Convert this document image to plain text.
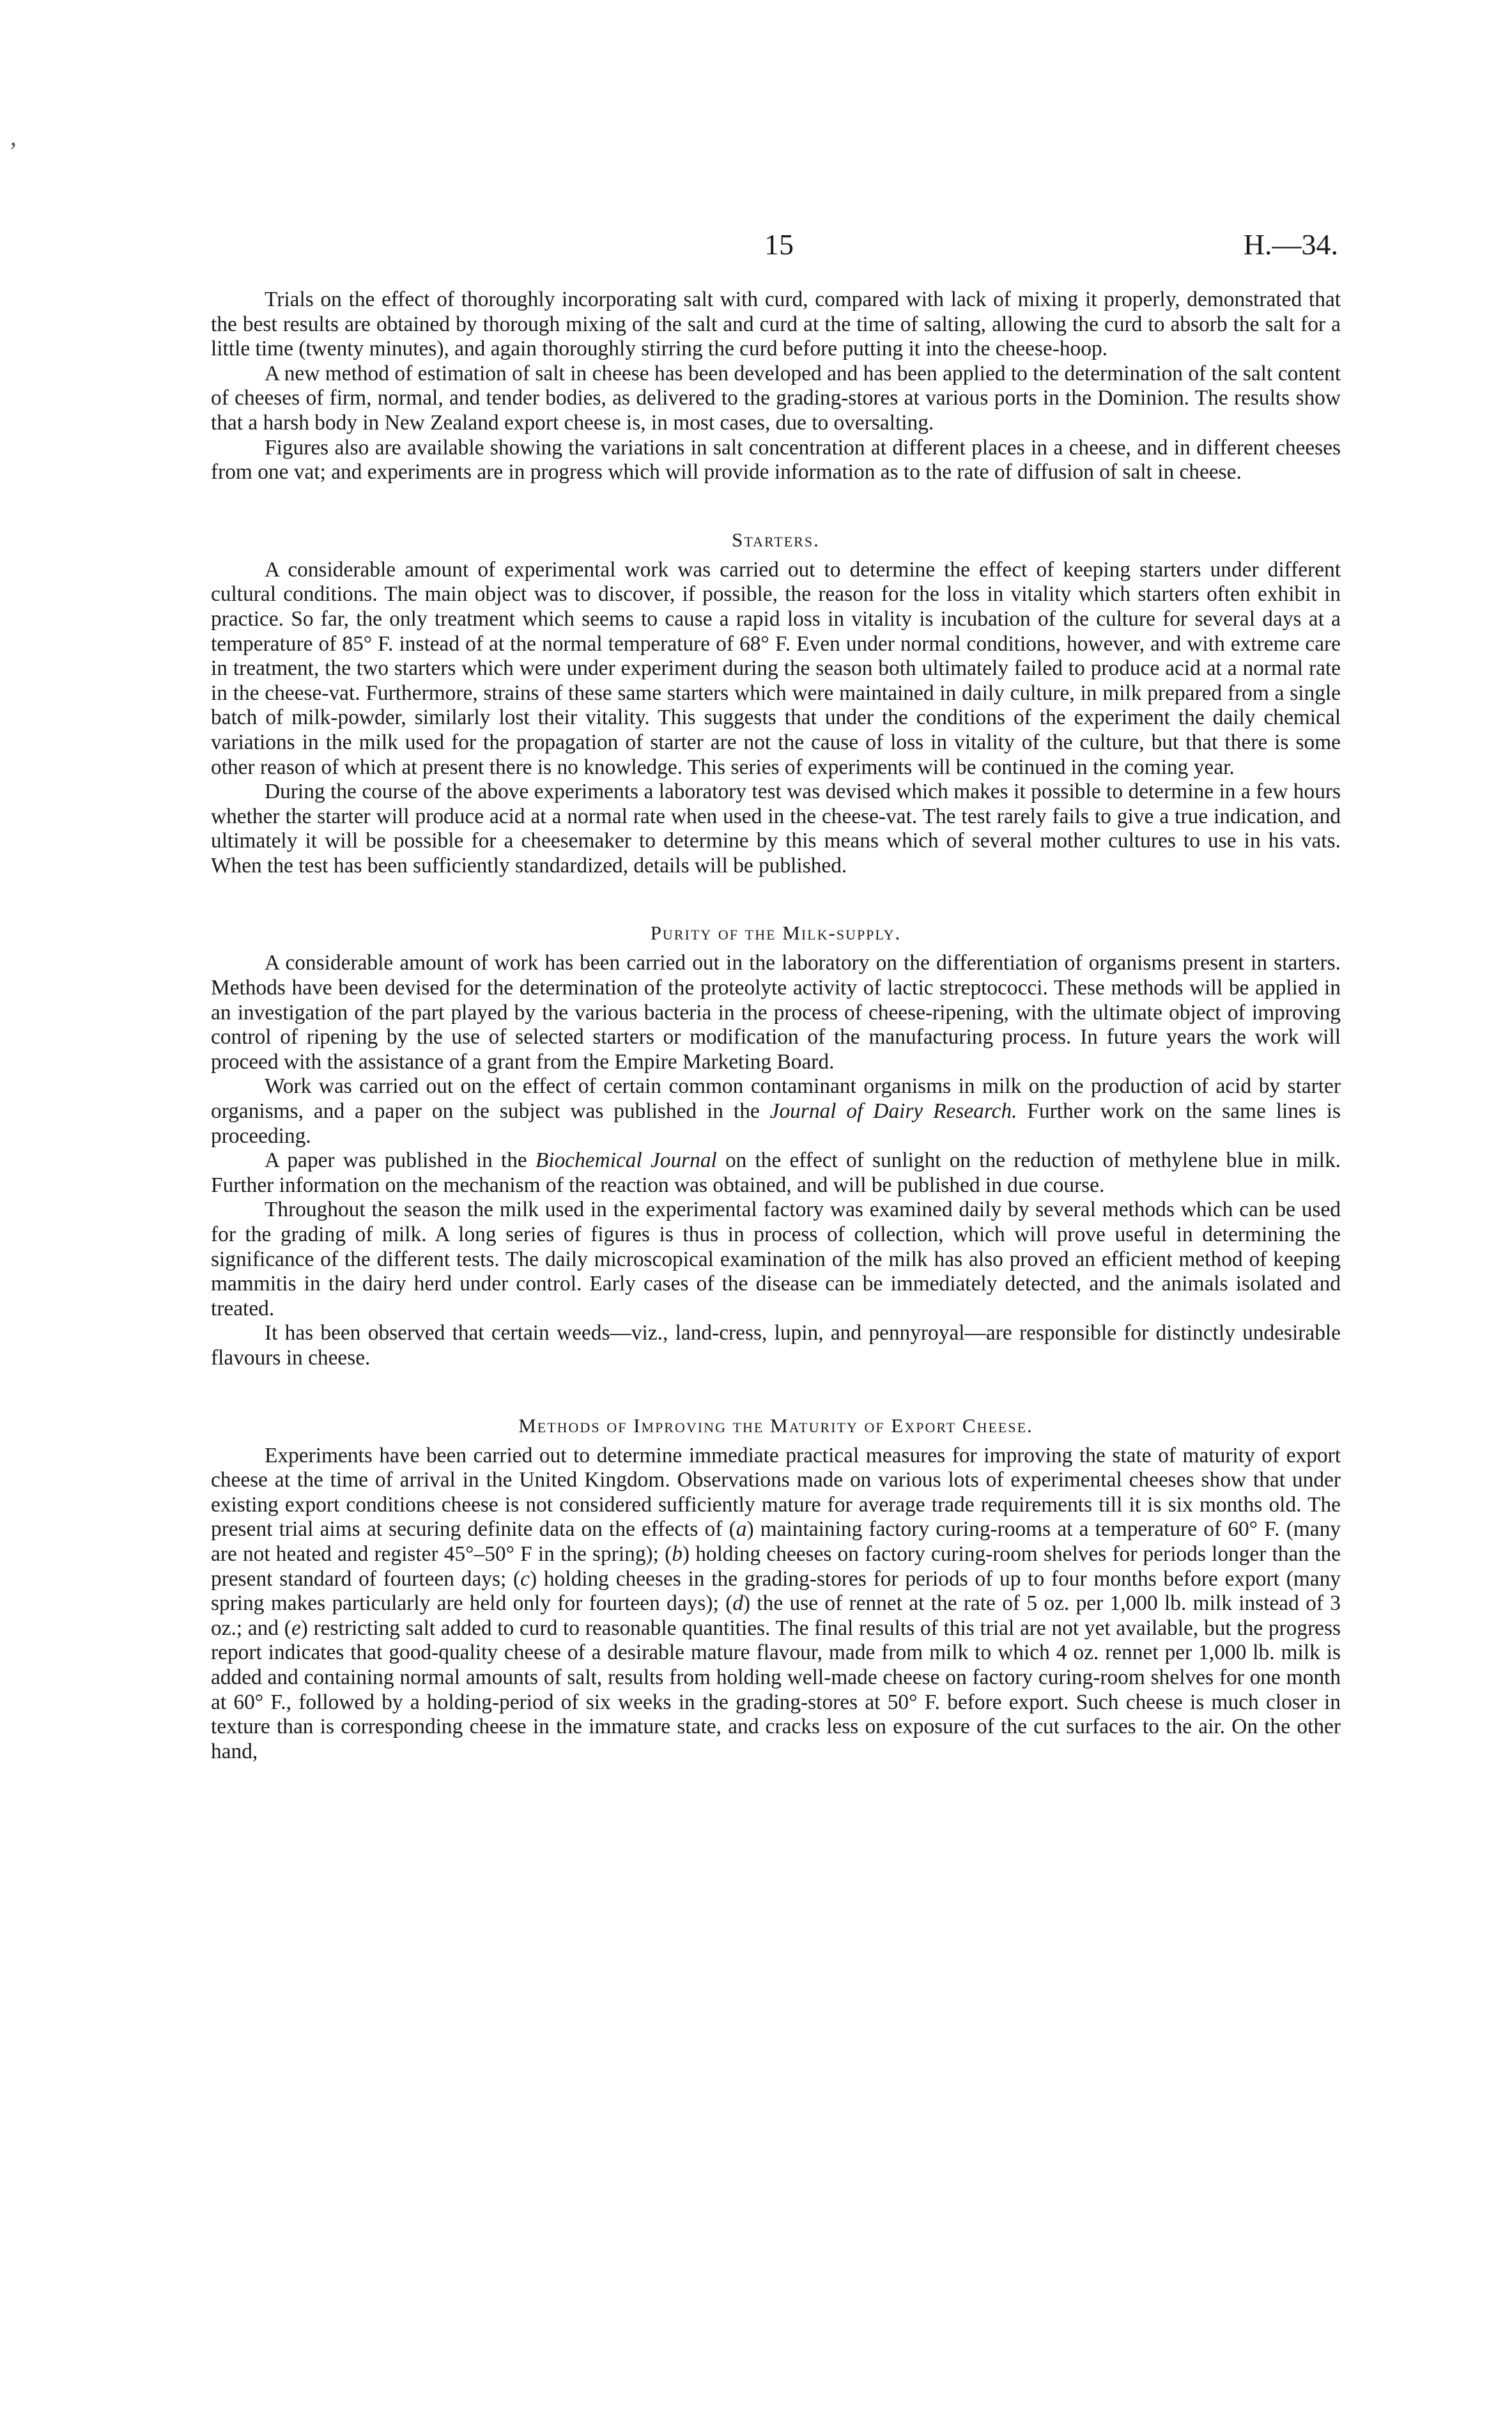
‚
15	H.—34.

Trials on the effect of thoroughly incorporating salt with curd, compared with lack of mixing it properly, demonstrated that the best results are obtained by thorough mixing of the salt and curd at the time of salting, allowing the curd to absorb the salt for a little time (twenty minutes), and again thoroughly stirring the curd before putting it into the cheese-hoop.

A new method of estimation of salt in cheese has been developed and has been applied to the determination of the salt content of cheeses of firm, normal, and tender bodies, as delivered to the grading-stores at various ports in the Dominion. The results show that a harsh body in New Zealand export cheese is, in most cases, due to oversalting.

Figures also are available showing the variations in salt concentration at different places in a cheese, and in different cheeses from one vat; and experiments are in progress which will provide information as to the rate of diffusion of salt in cheese.

Starters.

A considerable amount of experimental work was carried out to determine the effect of keeping starters under different cultural conditions. The main object was to discover, if possible, the reason for the loss in vitality which starters often exhibit in practice. So far, the only treatment which seems to cause a rapid loss in vitality is incubation of the culture for several days at a temperature of 85° F. instead of at the normal temperature of 68° F. Even under normal conditions, however, and with extreme care in treatment, the two starters which were under experiment during the season both ultimately failed to produce acid at a normal rate in the cheese-vat. Furthermore, strains of these same starters which were maintained in daily culture, in milk prepared from a single batch of milk-powder, similarly lost their vitality. This suggests that under the conditions of the experiment the daily chemical variations in the milk used for the propagation of starter are not the cause of loss in vitality of the culture, but that there is some other reason of which at present there is no knowledge. This series of experiments will be continued in the coming year.

During the course of the above experiments a laboratory test was devised which makes it possible to determine in a few hours whether the starter will produce acid at a normal rate when used in the cheese-vat. The test rarely fails to give a true indication, and ultimately it will be possible for a cheesemaker to determine by this means which of several mother cultures to use in his vats. When the test has been sufficiently standardized, details will be published.

Purity of the Milk-supply.

A considerable amount of work has been carried out in the laboratory on the differentiation of organisms present in starters. Methods have been devised for the determination of the proteolyte activity of lactic streptococci. These methods will be applied in an investigation of the part played by the various bacteria in the process of cheese-ripening, with the ultimate object of improving control of ripening by the use of selected starters or modification of the manufacturing process. In future years the work will proceed with the assistance of a grant from the Empire Marketing Board.

Work was carried out on the effect of certain common contaminant organisms in milk on the production of acid by starter organisms, and a paper on the subject was published in the Journal of Dairy Research. Further work on the same lines is proceeding.

A paper was published in the Biochemical Journal on the effect of sunlight on the reduction of methylene blue in milk. Further information on the mechanism of the reaction was obtained, and will be published in due course.

Throughout the season the milk used in the experimental factory was examined daily by several methods which can be used for the grading of milk. A long series of figures is thus in process of collection, which will prove useful in determining the significance of the different tests. The daily microscopical examination of the milk has also proved an efficient method of keeping mammitis in the dairy herd under control. Early cases of the disease can be immediately detected, and the animals isolated and treated.

It has been observed that certain weeds—viz., land-cress, lupin, and pennyroyal—are responsible for distinctly undesirable flavours in cheese.

Methods of Improving the Maturity of Export Cheese.

Experiments have been carried out to determine immediate practical measures for improving the state of maturity of export cheese at the time of arrival in the United Kingdom. Observations made on various lots of experimental cheeses show that under existing export conditions cheese is not considered sufficiently mature for average trade requirements till it is six months old. The present trial aims at securing definite data on the effects of (a) maintaining factory curing-rooms at a temperature of 60° F. (many are not heated and register 45°–50° F in the spring); (b) holding cheeses on factory curing-room shelves for periods longer than the present standard of fourteen days; (c) holding cheeses in the grading-stores for periods of up to four months before export (many spring makes particularly are held only for fourteen days); (d) the use of rennet at the rate of 5 oz. per 1,000 lb. milk instead of 3 oz.; and (e) restricting salt added to curd to reasonable quantities. The final results of this trial are not yet available, but the progress report indicates that good-quality cheese of a desirable mature flavour, made from milk to which 4 oz. rennet per 1,000 lb. milk is added and containing normal amounts of salt, results from holding well-made cheese on factory curing-room shelves for one month at 60° F., followed by a holding-period of six weeks in the grading-stores at 50° F. before export. Such cheese is much closer in texture than is corresponding cheese in the immature state, and cracks less on exposure of the cut surfaces to the air. On the other hand,
